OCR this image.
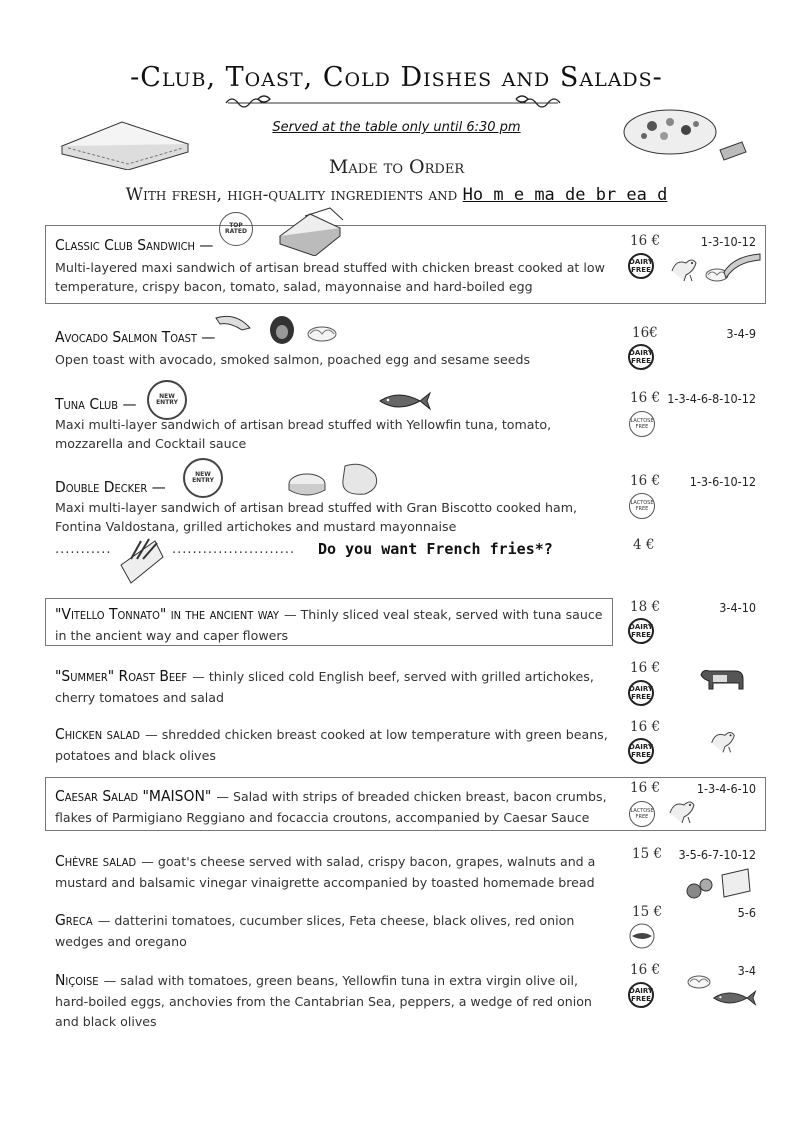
-Club, Toast, Cold Dishes and Salads-
Served at the table only until 6:30 pm
Made to Order
With fresh, high-quality ingredients and Ho m e ma de br ea d
Classic Club Sandwich —
Multi-layered maxi sandwich of artisan bread stuffed with chicken breast cooked at low temperature, crispy bacon, tomato, salad, mayonnaise and hard-boiled egg
16 €	1-3-10-12
DAIRY FREE
TOP RATED
Avocado Salmon Toast —
Open toast with avocado, smoked salmon, poached egg and sesame seeds
16€	3-4-9
DAIRY FREE
Tuna Club —
Maxi multi-layer sandwich of artisan bread stuffed with Yellowfin tuna, tomato, mozzarella and Cocktail sauce
16 € 1-3-4-6-8-10-12
LACTOSE FREE
NEW ENTRY
Double Decker —
Maxi multi-layer sandwich of artisan bread stuffed with Gran Biscotto cooked ham, Fontina Valdostana, grilled artichokes and mustard mayonnaise
16 €	1-3-6-10-12
LACTOSE FREE
NEW ENTRY
...........	........................ Do you want French fries*?	4 €
"Vitello Tonnato" in the ancient way — Thinly sliced veal steak, served with tuna sauce in the ancient way and caper flowers
18 €	3-4-10
DAIRY FREE
"Summer" Roast Beef — thinly sliced cold English beef, served with grilled artichokes, cherry tomatoes and salad
16 €
DAIRY FREE
Chicken salad — shredded chicken breast cooked at low temperature with green beans, potatoes and black olives
16 €
DAIRY FREE
Caesar Salad "MAISON" — Salad with strips of breaded chicken breast, bacon crumbs, flakes of Parmigiano Reggiano and focaccia croutons, accompanied by Caesar Sauce
16 €	1-3-4-6-10
LACTOSE FREE
Chèvre salad — goat's cheese served with salad, crispy bacon, grapes, walnuts and a mustard and balsamic vinegar vinaigrette accompanied by toasted homemade bread
15 €	3-5-6-7-10-12
Greca — datterini tomatoes, cucumber slices, Feta cheese, black olives, red onion wedges and oregano
15 €	5-6
Niçoise — salad with tomatoes, green beans, Yellowfin tuna in extra virgin olive oil, hard-boiled eggs, anchovies from the Cantabrian Sea, peppers, a wedge of red onion and black olives
16 €	3-4
DAIRY FREE
